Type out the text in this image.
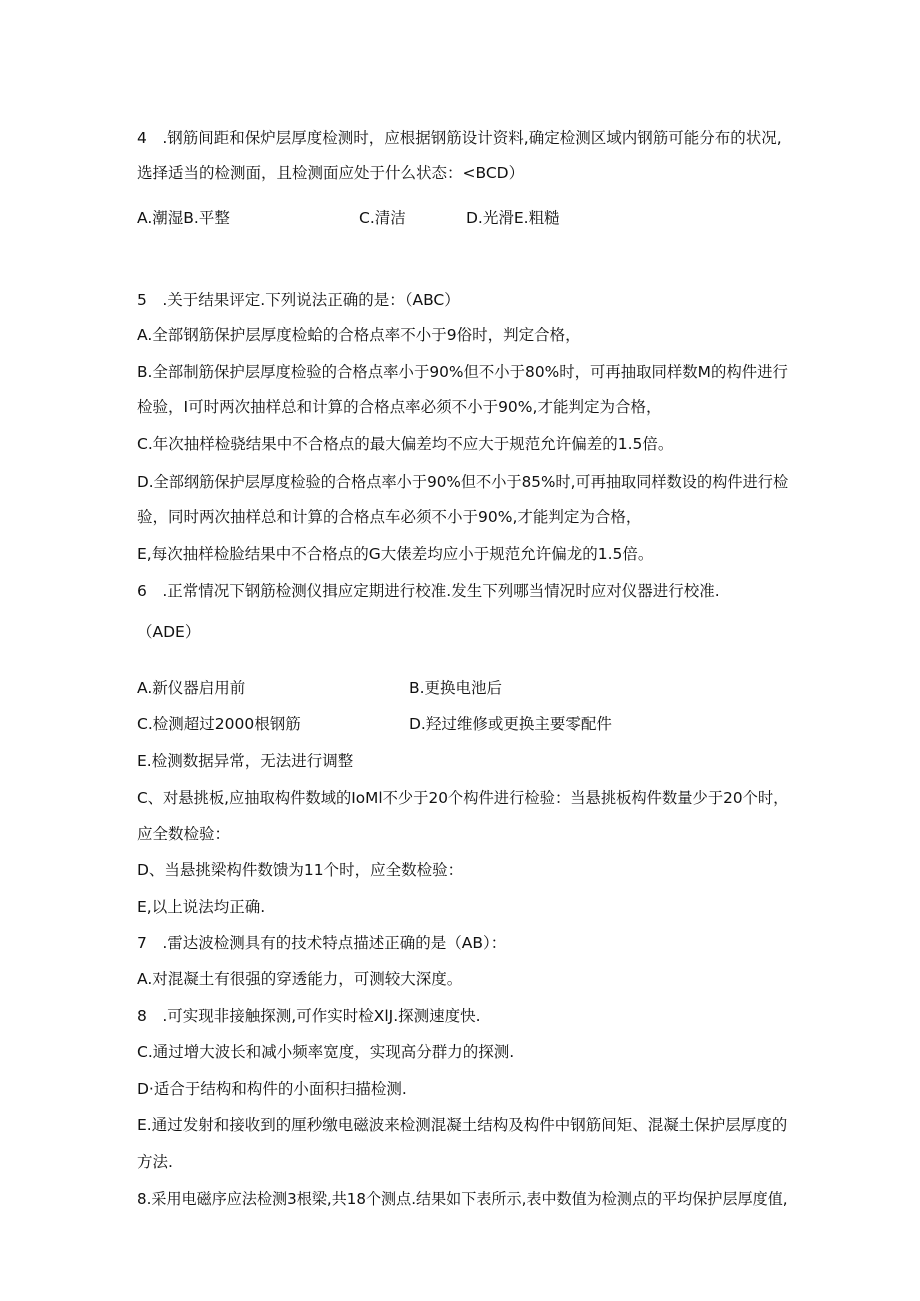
4　.钢筋间距和保炉层厚度检测时，应根据钢筋设计资料,确定检测区域内钢筋可能分布的状况,
选择适当的检测面，且检测面应处于什么状态：<BCD）
A.潮湿B.平整	C.清洁	D.光滑E.粗糙
5　.关于结果评定.下列说法正确的是：（ABC）
A.全部钢筋保护层厚度检蛤的合格点率不小于9俗时，判定合格，
B.全部制筋保护层厚度检验的合格点率小于90%但不小于80%时，可再抽取同样数M的构件进行
检验，I可时两次抽样总和计算的合格点率必须不小于90%,才能判定为合格，
C.年次抽样检骁结果中不合格点的最大偏差均不应大于规范允许偏差的1.5倍。
D.全部纲筋保护层厚度检验的合格点率小于90%但不小于85%时,可再抽取同样数设的构件进行检
验，同时两次抽样总和计算的合格点车必须不小于90%,才能判定为合格，
E,每次抽样检脸结果中不合格点的G大俵差均应小于规范允许偏龙的1.5倍。
6　.正常情况下钢筋检测仪揖应定期进行校准.发生下列哪当情况时应对仪器进行校准.
（ADE）
A.新仪器启用前	B.更换电池后
C.检测超过2000根钢筋	D.羟过维修或更换主要零配件
E.检测数据异常，无法进行调整
C、对悬挑板,应抽取构件数域的IoMl不少于20个构件进行检验：当悬挑板构件数量少于20个时，
应全数检验：
D、当悬挑梁构件数馈为11个时，应全数检验：
E,以上说法均正确.
7　.雷达波检测具有的技术特点描述正确的是（AB）：
A.对混凝土有很强的穿透能力，可测较大深度。
8　.可实现非接触探测,可作实时检XlJ.探测速度快.
C.通过增大波长和减小频率宽度，实现高分群力的探测.
D·适合于结构和构件的小面积扫描检测.
E.通过发射和接收到的厘秒缴电磁波来检测混凝土结构及构件中钢筋间矩、混凝土保护层厚度的
方法.
8.采用电磁序应法检测3根梁,共18个测点.结果如下表所示,表中数值为检测点的平均保护层厚度值,
